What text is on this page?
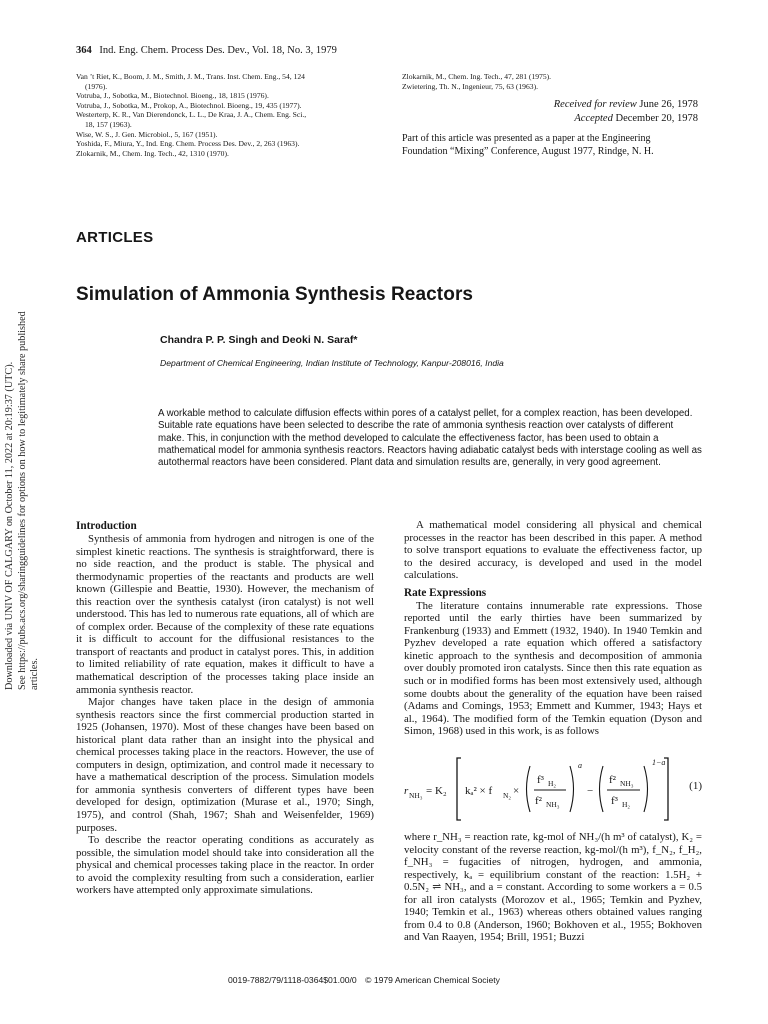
364 Ind. Eng. Chem. Process Des. Dev., Vol. 18, No. 3, 1979
Van ’t Riet, K., Boom, J. M., Smith, J. M., Trans. Inst. Chem. Eng., 54, 124
(1976).
Votruba, J., Sobotka, M., Biotechnol. Bioeng., 18, 1815 (1976).
Votruba, J., Sobotka, M., Prokop, A., Biotechnol. Bioeng., 19, 435 (1977).
Westerterp, K. R., Van Dierendonck, L. L., De Kraa, J. A., Chem. Eng. Sci.,
18, 157 (1963).
Wise, W. S., J. Gen. Microbiol., 5, 167 (1951).
Yoshida, F., Miura, Y., Ind. Eng. Chem. Process Des. Dev., 2, 263 (1963).
Zlokarnik, M., Chem. Ing. Tech., 42, 1310 (1970).
Zlokarnik, M., Chem. Ing. Tech., 47, 281 (1975).
Zwietering, Th. N., Ingenieur, 75, 63 (1963).
Received for review June 26, 1978
Accepted December 20, 1978
Part of this article was presented as a paper at the Engineering Foundation “Mixing” Conference, August 1977, Rindge, N. H.
ARTICLES
Simulation of Ammonia Synthesis Reactors
Chandra P. P. Singh and Deoki N. Saraf*
Department of Chemical Engineering, Indian Institute of Technology, Kanpur-208016, India
A workable method to calculate diffusion effects within pores of a catalyst pellet, for a complex reaction, has been developed. Suitable rate equations have been selected to describe the rate of ammonia synthesis reaction over catalysts of different make. This, in conjunction with the method developed to calculate the effectiveness factor, has been used to obtain a mathematical model for ammonia synthesis reactors. Reactors having adiabatic catalyst beds with interstage cooling as well as autothermal reactors have been considered. Plant data and simulation results are, generally, in very good agreement.
Downloaded via UNIV OF CALGARY on October 11, 2022 at 20:19:37 (UTC). See https://pubs.acs.org/sharingguidelines for options on how to legitimately share published articles.
Introduction

Synthesis of ammonia from hydrogen and nitrogen is one of the simplest kinetic reactions. The synthesis is straightforward, there is no side reaction, and the product is stable. The physical and thermodynamic properties of the reactants and products are well known (Gillespie and Beattie, 1930). However, the mechanism of this reaction over the synthesis catalyst (iron catalyst) is not well understood. This has led to numerous rate equations, all of which are of complex order. Because of the complexity of these rate equations it is difficult to account for the diffusional resistances to the transport of reactants and product in catalyst pores. This, in addition to limited reliability of rate equation, makes it difficult to have a mathematical description of the processes taking place inside an ammonia synthesis reactor.

Major changes have taken place in the design of ammonia synthesis reactors since the first commercial production started in 1925 (Johansen, 1970). Most of these changes have been based on historical plant data rather than an insight into the physical and chemical processes taking place in the reactors. However, the use of computers in design, optimization, and control made it necessary to have a mathematical description of the process. Simulation models for ammonia synthesis converters of different types have been developed for design, optimization (Murase et al., 1970; Singh, 1975), and control (Shah, 1967; Shah and Weisenfelder, 1969) purposes.

To describe the reactor operating conditions as accurately as possible, the simulation model should take into consideration all the physical and chemical processes taking place in the reactor. In order to avoid the complexity resulting from such a consideration, earlier workers have attempted only approximate simulations.

A mathematical model considering all physical and chemical processes in the reactor has been described in this paper. A method to solve transport equations to evaluate the effectiveness factor, up to the desired accuracy, is developed and used in the model calculations.

Rate Expressions

The literature contains innumerable rate expressions. Those reported until the early thirties have been summarized by Frankenburg (1933) and Emmett (1932, 1940). In 1940 Temkin and Pyzhev developed a rate equation which offered a satisfactory kinetic approach to the synthesis and decomposition of ammonia over doubly promoted iron catalysts. Since then this rate equation as such or in modified forms has been most extensively used, although some doubts about the generality of the equation have been raised (Adams and Comings, 1953; Emmett and Kummer, 1943; Hays et al., 1964). The modified form of the Temkin equation (Dyson and Simon, 1968) used in this work, is as follows

r NH₃ = K₂ kₐ² × f N₂ ×
f³ H₂
f² NH₃
a
−
f² NH₃
f³ H₂
1−a
(1)

where r_NH₃ = reaction rate, kg-mol of NH₃/(h m³ of catalyst), K₂ = velocity constant of the reverse reaction, kg-mol/(h m³), f_N₂, f_H₂, f_NH₃ = fugacities of nitrogen, hydrogen, and ammonia, respectively, kₐ = equilibrium constant of the reaction: 1.5H₂ + 0.5N₂ ⇌ NH₃, and a = constant. According to some workers a = 0.5 for all iron catalysts (Morozov et al., 1965; Temkin and Pyzhev, 1940; Temkin et al., 1963) whereas others obtained values ranging from 0.4 to 0.8 (Anderson, 1960; Bokhoven et al., 1955; Bokhoven and Van Raayen, 1954; Brill, 1951; Buzzi

0019-7882/79/1118-0364$01.00/0 © 1979 American Chemical Society
